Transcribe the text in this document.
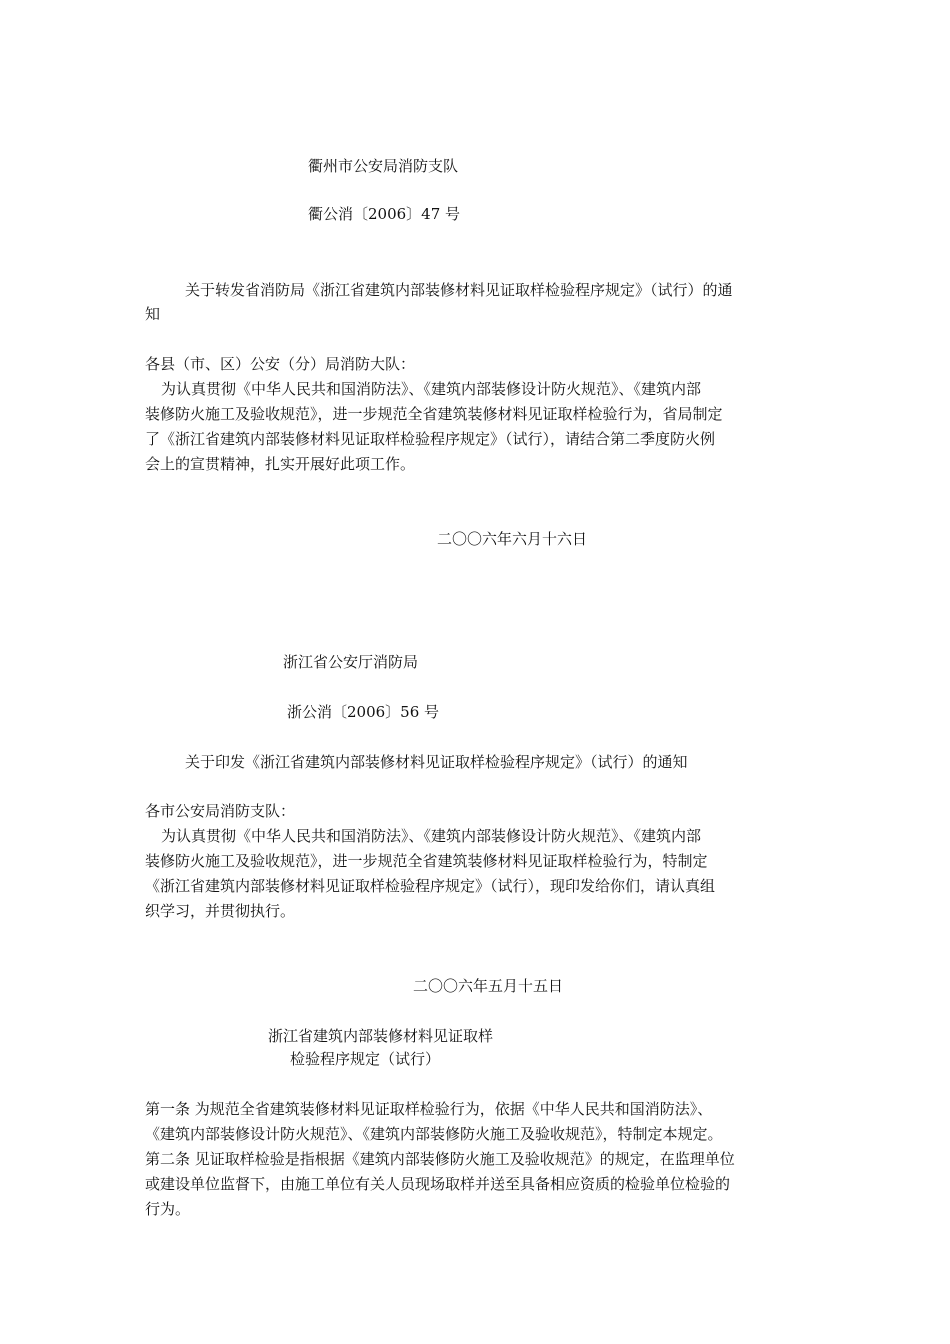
衢州市公安局消防支队
衢公消〔2006〕47 号
关于转发省消防局《浙江省建筑内部装修材料见证取样检验程序规定》（试行）的通
知
各县（市、区）公安（分）局消防大队：
为认真贯彻《中华人民共和国消防法》、《建筑内部装修设计防火规范》、《建筑内部
装修防火施工及验收规范》，进一步规范全省建筑装修材料见证取样检验行为，省局制定
了《浙江省建筑内部装修材料见证取样检验程序规定》（试行），请结合第二季度防火例
会上的宣贯精神，扎实开展好此项工作。
二〇〇六年六月十六日
浙江省公安厅消防局
浙公消〔2006〕56 号
关于印发《浙江省建筑内部装修材料见证取样检验程序规定》（试行）的通知
各市公安局消防支队：
为认真贯彻《中华人民共和国消防法》、《建筑内部装修设计防火规范》、《建筑内部
装修防火施工及验收规范》，进一步规范全省建筑装修材料见证取样检验行为，特制定
《浙江省建筑内部装修材料见证取样检验程序规定》（试行），现印发给你们，请认真组
织学习，并贯彻执行。
二〇〇六年五月十五日
浙江省建筑内部装修材料见证取样
检验程序规定（试行）
第一条 为规范全省建筑装修材料见证取样检验行为，依据《中华人民共和国消防法》、
《建筑内部装修设计防火规范》、《建筑内部装修防火施工及验收规范》，特制定本规定。
第二条 见证取样检验是指根据《建筑内部装修防火施工及验收规范》的规定，在监理单位
或建设单位监督下，由施工单位有关人员现场取样并送至具备相应资质的检验单位检验的
行为。
